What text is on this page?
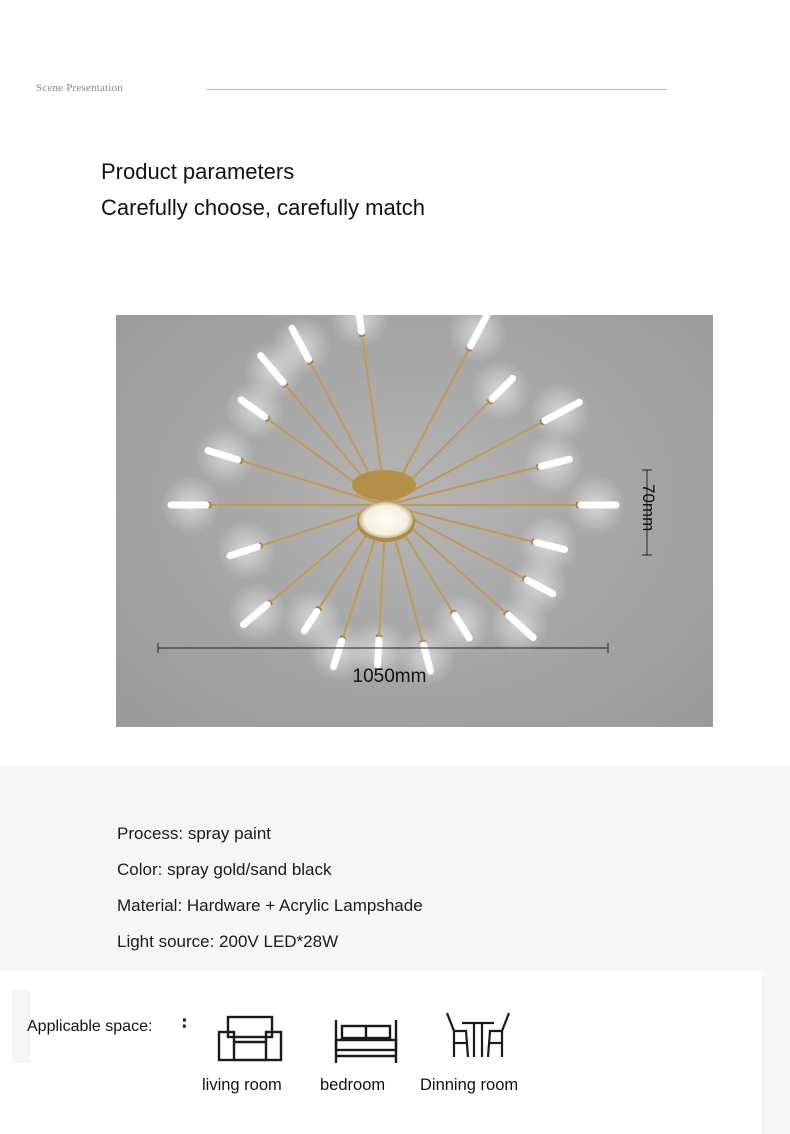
Scene Presentation
Product parameters
Carefully choose, carefully match
1050mm
70mm
Process: spray paint
Color: spray gold/sand black
Material: Hardware + Acrylic Lampshade
Light source: 200V LED*28W
Applicable space: ∶
living room bedroom Dinning room
